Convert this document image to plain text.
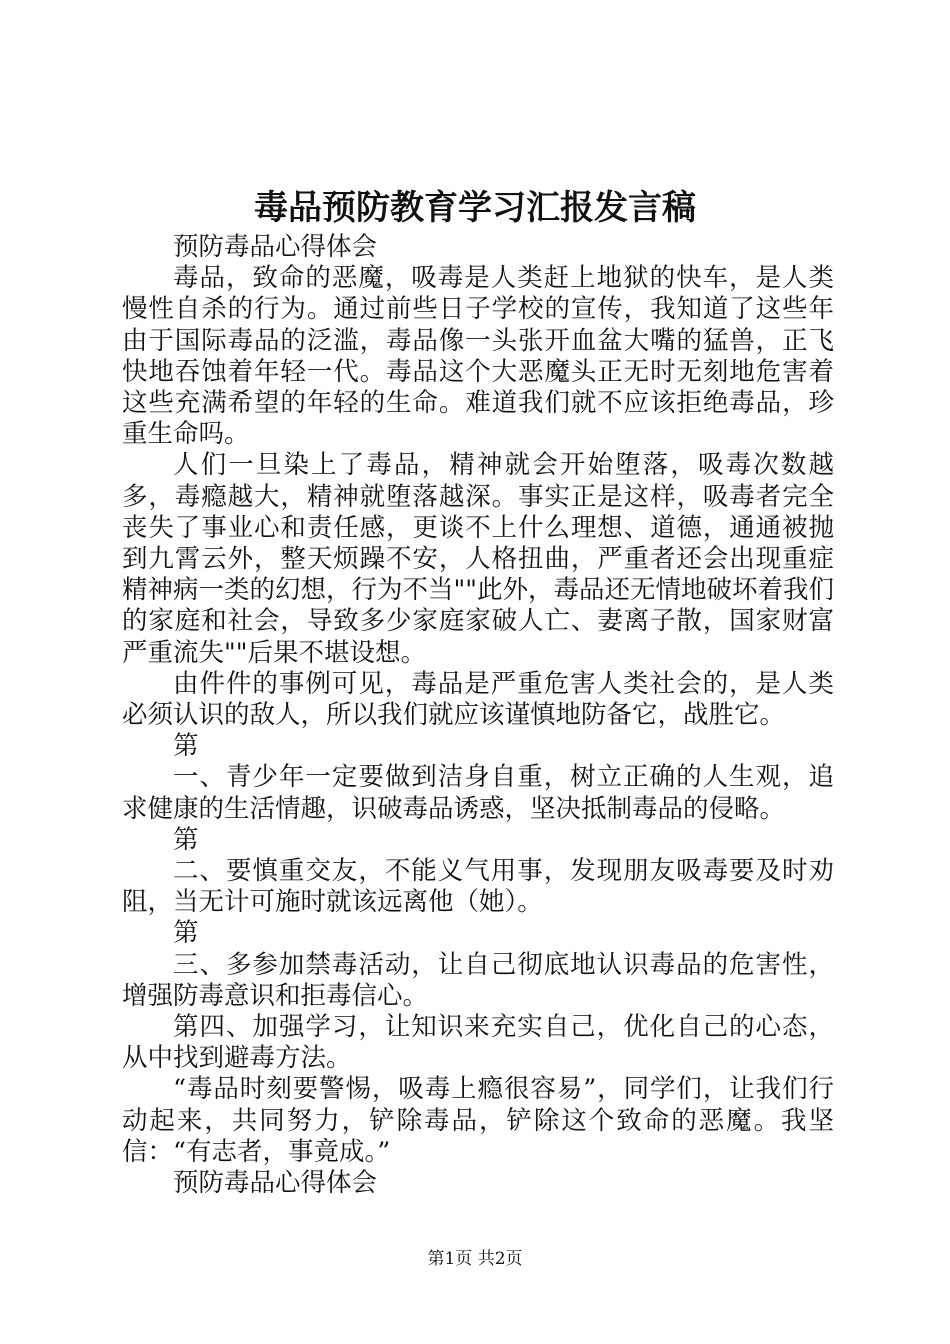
毒品预防教育学习汇报发言稿

预防毒品心得体会

毒品，致命的恶魔，吸毒是人类赶上地狱的快车，是人类慢性自杀的行为。通过前些日子学校的宣传，我知道了这些年由于国际毒品的泛滥，毒品像一头张开血盆大嘴的猛兽，正飞快地吞蚀着年轻一代。毒品这个大恶魔头正无时无刻地危害着这些充满希望的年轻的生命。难道我们就不应该拒绝毒品，珍重生命吗。

人们一旦染上了毒品，精神就会开始堕落，吸毒次数越多，毒瘾越大，精神就堕落越深。事实正是这样，吸毒者完全丧失了事业心和责任感，更谈不上什么理想、道德，通通被抛到九霄云外，整天烦躁不安，人格扭曲，严重者还会出现重症精神病一类的幻想，行为不当""此外，毒品还无情地破坏着我们的家庭和社会，导致多少家庭家破人亡、妻离子散，国家财富严重流失""后果不堪设想。

由件件的事例可见，毒品是严重危害人类社会的，是人类必须认识的敌人，所以我们就应该谨慎地防备它，战胜它。

第

一、青少年一定要做到洁身自重，树立正确的人生观，追求健康的生活情趣，识破毒品诱惑，坚决抵制毒品的侵略。

第

二、要慎重交友，不能义气用事，发现朋友吸毒要及时劝阻，当无计可施时就该远离他（她）。

第

三、多参加禁毒活动，让自己彻底地认识毒品的危害性，增强防毒意识和拒毒信心。

第四、加强学习，让知识来充实自己，优化自己的心态，从中找到避毒方法。

“毒品时刻要警惕，吸毒上瘾很容易”，同学们，让我们行动起来，共同努力，铲除毒品，铲除这个致命的恶魔。我坚信：“有志者，事竟成。”

预防毒品心得体会

第1页 共2页
